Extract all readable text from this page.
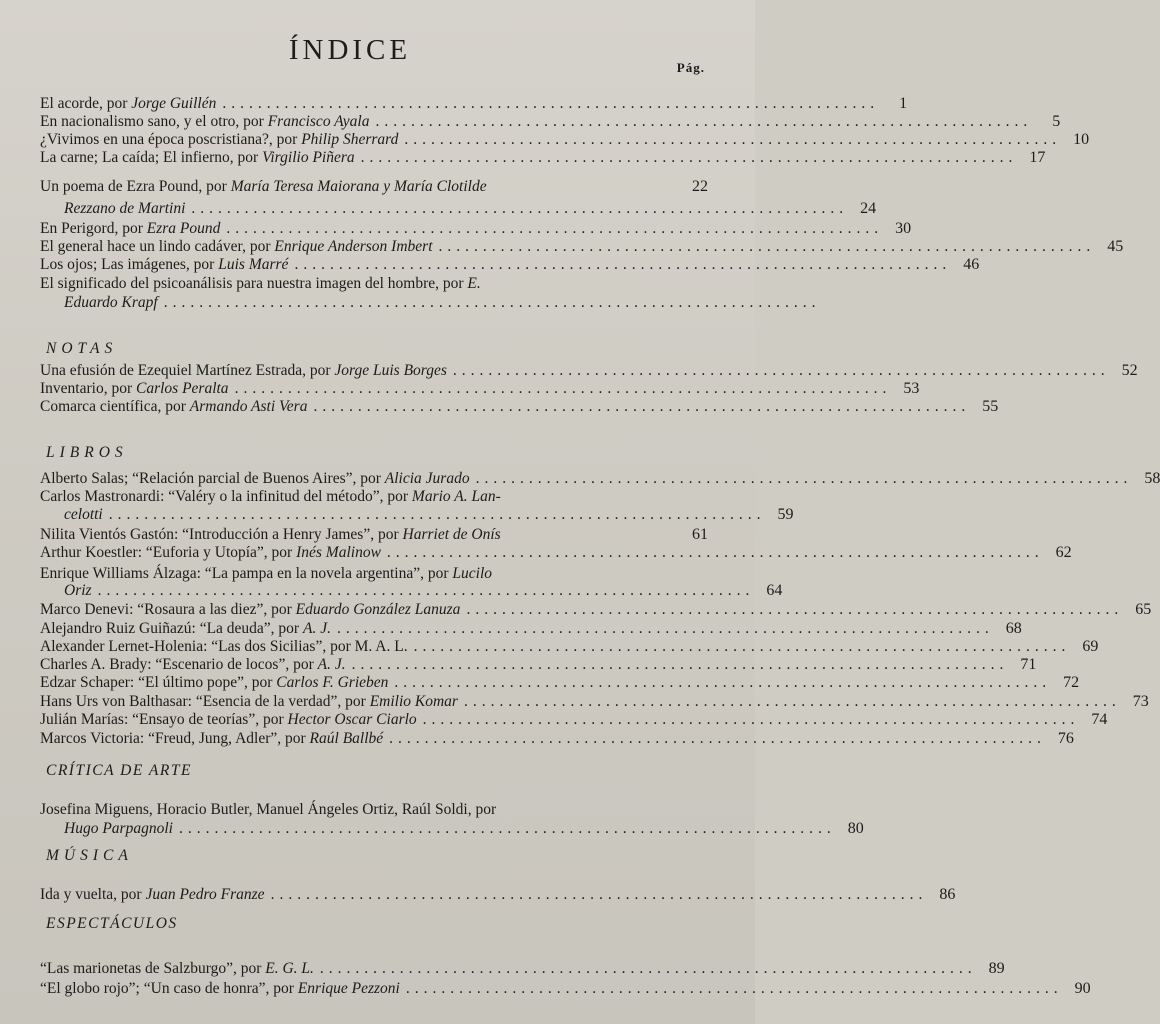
ÍNDICE
Pág.
El acorde, por Jorge Guillén ..........................................................................	1
En nacionalismo sano, y el otro, por Francisco Ayala ..........................................................................	5
¿Vivimos en una época poscristiana?, por Philip Sherrard .......................................................................... 10
La carne; La caída; El infierno, por Virgilio Piñera .......................................................................... 17
Un poema de Ezra Pound, por María Teresa Maiorana y María Clotilde	22
Rezzano de Martini .......................................................................... 24
En Perigord, por Ezra Pound .......................................................................... 30
El general hace un lindo cadáver, por Enrique Anderson Imbert .......................................................................... 45
Los ojos; Las imágenes, por Luis Marré .......................................................................... 46
El significado del psicoanálisis para nuestra imagen del hombre, por E.
Eduardo Krapf ..........................................................................
NOTAS
Una efusión de Ezequiel Martínez Estrada, por Jorge Luis Borges .......................................................................... 52
Inventario, por Carlos Peralta .......................................................................... 53
Comarca científica, por Armando Asti Vera .......................................................................... 55
LIBROS
Alberto Salas; “Relación parcial de Buenos Aires”, por Alicia Jurado .......................................................................... 58
Carlos Mastronardi: “Valéry o la infinitud del método”, por Mario A. Lan-
celotti .......................................................................... 59
Nilita Vientós Gastón: “Introducción a Henry James”, por Harriet de Onís	61
Arthur Koestler: “Euforia y Utopía”, por Inés Malinow .......................................................................... 62
Enrique Williams Álzaga: “La pampa en la novela argentina”, por Lucilo
Oriz .......................................................................... 64
Marco Denevi: “Rosaura a las diez”, por Eduardo González Lanuza .......................................................................... 65
Alejandro Ruiz Guiñazú: “La deuda”, por A. J. .......................................................................... 68
Alexander Lernet-Holenia: “Las dos Sicilias”, por M. A. L. .......................................................................... 69
Charles A. Brady: “Escenario de locos”, por A. J. .......................................................................... 71
Edzar Schaper: “El último pope”, por Carlos F. Grieben .......................................................................... 72
Hans Urs von Balthasar: “Esencia de la verdad”, por Emilio Komar .......................................................................... 73
Julián Marías: “Ensayo de teorías”, por Hector Oscar Ciarlo .......................................................................... 74
Marcos Victoria: “Freud, Jung, Adler”, por Raúl Ballbé .......................................................................... 76
CRÍTICA DE ARTE
Josefina Miguens, Horacio Butler, Manuel Ángeles Ortiz, Raúl Soldi, por
Hugo Parpagnoli .......................................................................... 80
MÚSICA
Ida y vuelta, por Juan Pedro Franze .......................................................................... 86
ESPECTÁCULOS
“Las marionetas de Salzburgo”, por E. G. L. .......................................................................... 89
“El globo rojo”; “Un caso de honra”, por Enrique Pezzoni .......................................................................... 90
